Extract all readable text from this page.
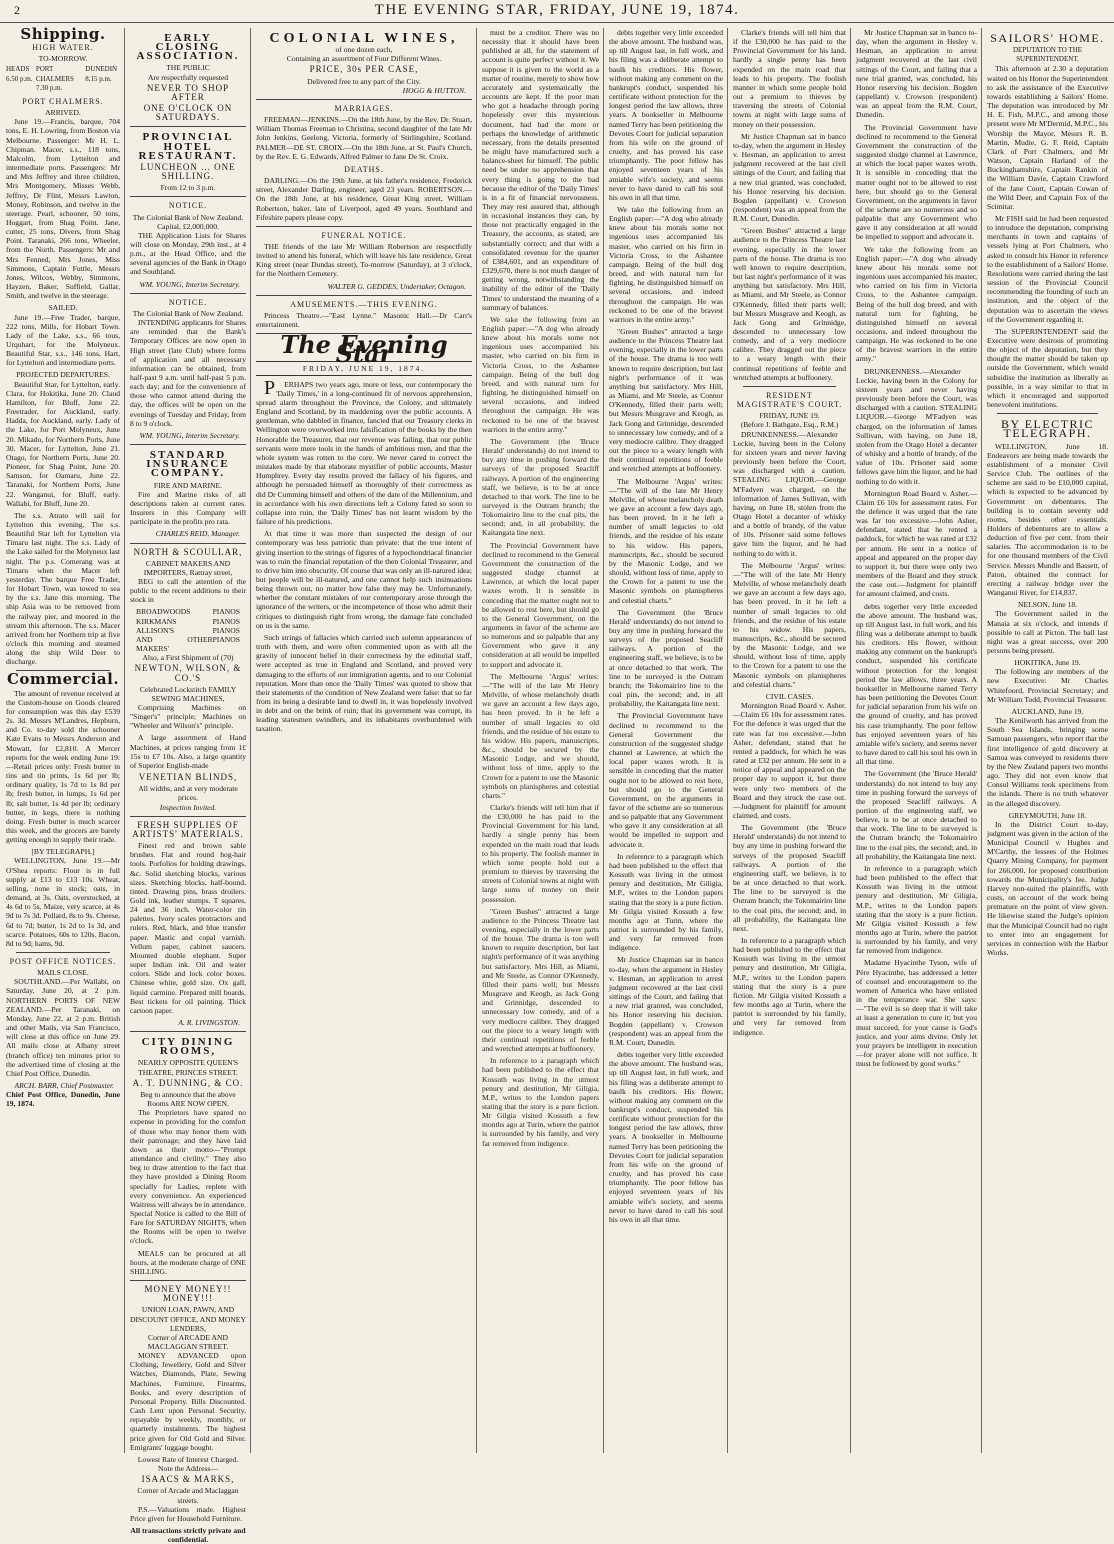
2	THE EVENING STAR, FRIDAY, JUNE 19, 1874.
Shipping.
HIGH WATER.
TO-MORROW.
HEADS 6.50 p.m.
PORT CHALMERS 7.30 p.m.
DUNEDIN 8.15 p.m.
PORT CHALMERS.
ARRIVED.

June 19.—Francis, barque, 704 tons, E. H. Lowring, from Boston via Melbourne. Passenger: Mr H. L. Chipman. Macer, s.s., 118 tons, Malcolm, from Lyttelton and intermediate ports. Passengers: Mr and Mrs Jeffrey and three children, Mrs Montgomery, Misses Webb, Jeffrey, Dr Flint, Messrs Lawton, Money, Robinson, and twelve in the steerage. Pearl, schooner, 50 tons, Hoggart, from Shag Point. Jane, cutter, 25 tons, Divers, from Shag Point. Taranaki, 266 tons, Wheeler, from the North. Passengers: Mr and Mrs Fenned, Mrs Jones, Miss Simmons, Captain Futtle, Messrs Jones, Wilcox, Webby, Simmons, Hayzen, Baker, Suffield, Gallar, Smith, and twelve in the steerage.

SAILED.

June 19.—Free Trader, barque, 222 tons, Mills, for Hobart Town. Lady of the Lake, s.s., 66 tous, Urquhart, for the Molyneux. Beautiful Star, s.s., 146 tons, Hart, for Lyttelton and intermediate ports.

PROJECTED DEPARTURES.

Beautiful Star, for Lyttelton, early. Clara, for Hokitika, June 20. Claud Hamilton, for Bluff, June 22. Freetrader, for Auckland, early. Hadda, for Auckland, early. Lady of the Lake, for Port Molyneux, June 20. Mikado, for Northern Ports, June 30. Macer, for Lyttelton, June 21. Otago, for Northern Ports, June 20. Pioneer, for Shag Point, June 20. Samson, for Oamaru, June 22. Taranaki, for Northern Ports, June 22. Wanganui, for Bluff, early. Wallabi, for Bluff, June 20.

The s.s. Atrato will sail for Lyttelton this evening. The s.s. Beautiful Star left for Lyttelton via Timaru last night. The s.s. Lady of the Lake sailed for the Molyneux last night. The p.s. Comerang was at Timaru when the Macer left yesterday. The barque Free Trader, for Hobart Town, was towed to sea by the s.s. Jane this morning. The ship Asia was to be removed from the railway pier, and moored in the stream this afternoon. The s.s. Macer arrived from her Northern trip at five o'clock this morning and steamed along the ship Wild Deer to discharge.

Commercial.

The amount of revenue received at the Custom-house on Goods cleared for consumption was this day £539 2s. 3d. Messrs M'Landres, Hepburn, and Co. to-day sold the schooner Kate Evans to Messrs Anderson and Mowatt, for £2,810. A Mercer reports for the week ending June 19:—Retail prices only: Fresh butter in tins and tin prints, 1s 6d per lb; ordinary quality, 1s 7d to 1s 8d per lb; fresh butter, in lumps, 1s 6d per lb; salt butter, 1s 4d per lb; ordinary butter, in kegs, there is nothing doing. Fresh butter is much scarcer this week, and the grocers are barely getting enough to supply their trade.

[BY TELEGRAPH.]

WELLINGTON, June 19.—Mr O'Shea reports: Flour is in full supply at £13 to £13 10s. Wheat, selling, none in stock; oats, in demand, at 3s. Oats, overstocked, at 4s 6d to 5s. Maize, very scarce, at 4s 9d to 7s 3d. Pollard, 8s to 9s. Cheese, 6d to 7d; butter, 1s 2d to 1s 3d, and scarce. Potatoes, 60s to 120s. Bacon, 8d to 9d; hams, 9d.

POST OFFICE NOTICES.
MAILS CLOSE.

SOUTHLAND.—Per Wallabi, on Saturday, June 20, at 2 p.m. NORTHERN PORTS OF NEW ZEALAND.—Per Taranaki, on Monday, June 22, at 2 p.m. British and other Mails, via San Francisco, will close at this office on June 29. All mails close at Albany street (branch office) ten minutes prior to the advertised time of closing at the Chief Post Office, Dunedin.

ARCH. BARR, Chief Postmaster.
Chief Post Office, Dunedin, June 19, 1874.
EARLY CLOSING ASSOCIATION.
THE PUBLIC
Are respectfully requested
NEVER TO SHOP AFTER
ONE O'CLOCK ON SATURDAYS.
PROVINCIAL HOTEL RESTAURANT.
LUNCHEON ... ONE SHILLING.
From 12 to 3 p.m.
NOTICE.
The Colonial Bank of New Zealand. Capital, £2,000,000.

THE Application Lists for Shares will close on Monday, 29th inst., at 4 p.m., at the Head Office, and the several agencies of the Bank in Otago and Southland.

WM. YOUNG, Interim Secretary.
NOTICE.
The Colonial Bank of New Zealand.

INTENDING applicants for Shares are reminded that the Bank's Temporary Offices are now open in High street (late Club) where forms of application and all necessary information can be obtained, from half-past 9 a.m. until half-past 5 p.m. each day; and for the convenience of those who cannot attend during the day, the offices will be open on the evenings of Tuesday and Friday, from 8 to 9 o'clock.

WM. YOUNG, Interim Secretary.
STANDARD INSURANCE COMPANY.
FIRE AND MARINE.

Fire and Marine risks of all descriptions taken at current rates. Insurers in this Company will participate in the profits pro rata.

CHARLES REID, Manager.
NORTH & SCOULLAR,
CABINET MAKERS AND IMPORTERS, Rattray street,

BEG to call the attention of the public to the recent additions to their stock in

BROADWOODS	PIANOS
KIRKMANS	PIANOS
ALLISON'S	PIANOS
AND OTHER MAKERS'
PIANOS
Also, a First Shipment of (70)
NEWTON, WILSON, & CO.'S
Celebrated Lockstitch FAMILY SEWING MACHINES,

Comprising Machines on "Singer's" principle; Machines on "Wheeler and Wilson's" principle.

A large assortment of Hand Machines, at prices ranging from 1£ 15s to £7 10s. Also, a large quantity of Superior English-made

VENETIAN BLINDS,
All widths, and at very moderate prices.
Inspection Invited.
FRESH SUPPLIES OF ARTISTS' MATERIALS.

Finest red and brown sable brushes. Flat and round hog-hair tools. Porfolios for holding drawings, &c. Solid sketching blocks, various sizes. Sketching blocks, half-bound, tinted. Drawing pins, brass droilers. Gold ink, leather stumps. T squares, 24 and 36 inch. Water-color tin palettes. Ivory scales protractors and rulers. Red, black, and blue transfer paper. Mastic and copal varnish. Vellum paper, cabinet saucers. Mounted double elephant. Super super Indian ink. Oil and water colors. Slide and lock color boxes. Chinese white, gold size. Ox gall, liquid carmine. Prepared mill boards. Best tickets for oil painting. Thick cartoon paper.

A. R. LIVINGSTON.
CITY DINING ROOMS,
NEARLY OPPOSITE QUEEN'S THEATRE, PRINCES STREET.
A. T. DUNNING, & CO.
Beg to announce that the above Rooms ARE NOW OPEN.

The Proprietors have spared no expense in providing for the comfort of those who may honor them with their patronage; and they have laid down as their motto—"Prompt attendance and civility." They also beg to draw attention to the fact that they have provided a Dining Room specially for Ladies, replete with every convenience. An experienced Waitress will always be in attendance. Special Notice is called to the Bill of Fare for SATURDAY NIGHTS, when the Rooms will be open to twelve o'clock.

MEALS can be procured at all hours, at the moderate charge of ONE SHILLING.

MONEY MONEY!! MONEY!!!
UNION LOAN, PAWN, AND DISCOUNT OFFICE, AND MONEY LENDERS,
Corner of ARCADE AND MACLAGGAN STREET.

MONEY ADVANCED upon Clothing, Jewellery, Gold and Silver Watches, Diamonds, Plate, Sewing Machines, Furniture, Firearms, Books, and every description of Personal Property. Bills Discounted. Cash Lent upon Personal Security, repayable by weekly, monthly, or quarterly instalments. The highest price given for Old Gold and Silver. Emigrants' luggage bought.

Lowest Rate of Interest Charged.
Note the Address—
ISAACS & MARKS,
Corner of Arcade and Maclaggan streets.

P.S.—Valuations made. Highest Price given for Household Furniture.

All transactions strictly private and confidential.
COLONIAL WINES,
of one dozen each,
Containing an assortment of Four Different Wines.
PRICE, 30s PER CASE,
Delivered free to any part of the City.
HOGG & HUTTON.
MARRIAGES.

FREEMAN—JENKINS.—On the 18th June, by the Rev. Dr. Stuart, William Thomas Freeman to Christina, second daughter of the late Mr John Jenkins, Geelong, Victoria, formerly of Stirlingshire, Scotland. PALMER—DE ST. CROIX.—On the 18th June, at St. Paul's Church, by the Rev. E. G. Edwards, Alfred Palmer to Jane De St. Croix.

DEATHS.

DARLING.—On the 19th June, at his father's residence, Frederick street, Alexander Darling, engineer, aged 23 years. ROBERTSON.—On the 18th June, at his residence, Great King street, William Robertson, baker, late of Liverpool, aged 49 years. Southland and Fifeshire papers please copy.

FUNERAL NOTICE.

THE friends of the late Mr William Robertson are respectfully invited to attend his funeral, which will leave his late residence, Great King street (near Dundas street), To-morrow (Saturday), at 3 o'clock, for the Northern Cemetery.

WALTER G. GEDDES, Undertaker, Octagon.
AMUSEMENTS.—THIS EVENING.

Princess Theatre.—"East Lynne." Masonic Hall.—Dr Carr's entertainment.

The Evening Star
FRIDAY, JUNE 19, 1874.

PERHAPS two years ago, more or less, our contemporary the 'Daily Times,' in a long-continued fit of nervous apprehension, spread alarm throughout the Province, the Colony, and ultimately England and Scotland, by its maddening over the public accounts. A gentleman, who dabbled in finance, fancied that our Treasury clerks in Wellington were overworked into falsification of the books by the then Honorable the Treasurer, that our revenue was failing, that our public servants were mere tools in the hands of ambitious men, and that the whole system was rotten to the core. We never cared to correct the mistakes made by that elaborate mystifier of public accounts, Master Humphrey. Every day results proved the fallacy of his figures, and although he persuaded himself as thoroughly of their correctness as did Dr Cumming himself and others of the date of the Millennium, and in accordance with his own directions left a Colony fated so soon to collapse into ruin, the 'Daily Times' has not learnt wisdom by the failure of his predictions.

At that time it was more than suspected the design of our contemporary was less patriotic than private: that the true intent of giving insertion to the strings of figures of a hypochondriacal financier was to ruin the financial reputation of the then Colonial Treasurer, and to drive him into obscurity. Of course that was only an ill-natured idea; but people will be ill-natured, and one cannot help such insinuations being thrown out, no matter how false they may be. Unfortunately, whether the constant mistakes of our contemporary arose through the ignorance of the writers, or the incompetence of those who admit their critiques to distinguish right from wrong, the damage fate concluded on us is the same.

Such strings of fallacies which carried such solemn appearances of truth with them, and were often commented upon as with all the gravity of innocent belief in their correctness by the editorial staff, were accepted as true in England and Scotland, and proved very damaging to the efforts of our immigration agents, and to our Colonial reputation. More than once the 'Daily Times' was quoted to show that their statements of the condition of New Zealand were false: that so far from its being a desirable land to dwell in, it was hopelessly involved in debt and on the brink of ruin; that its government was corrupt, its leading statesmen swindlers, and its inhabitants overburdened with taxation.

must be a creditor. There was no necessity that it should have been published at all, for the statement of account is quite perfect without it. We suppose it is given to the world as a matter of routine, merely to show how accurately and systematically the accounts are kept. If the poor man who got a headache through poring hopelessly over this mysterious document, had had the more or perhaps the knowledge of arithmetic necessary, from the details presented he might have manufactured such a balance-sheet for himself. The public need be under no apprehension that every thing is going to the bad because the editor of the 'Daily Times' is in a fit of financial nervousness. They may rest assured that, although in occasional instances they can, by those not practically engaged in the Treasury, the accounts, as stated, are substantially correct; and that with a consolidated revenue for the quarter of £384,601, and an expenditure of £329,670, there is not much danger of getting wrong, notwithstanding the inability of the editor of the 'Daily Times' to understand the meaning of a summary of balances.

We take the following from an English paper:—"A dog who already knew about his morals some not ingenious uses accompanied his master, who carried on his firm in Victoria Cross, to the Ashantee campaign. Being of the bull dog breed, and with natural turn for fighting, he distinguished himself on several occasions, and indeed throughout the campaign. He was reckoned to be one of the bravest warriors in the entire army."

The Government (the 'Bruce Herald' understands) do not intend to buy any time in pushing forward the surveys of the proposed Seacliff railways. A portion of the engineering staff, we believe, is to be at once detached to that work. The line to be surveyed is the Outram branch; the Tokomairiro line to the coal pits, the second; and, in all probability, the Kaitangata line next.

The Provincial Government have declined to recommend to the General Government the construction of the suggested sludge channel at Lawrence, at which the local paper waxes wroth. It is sensible in conceding that the matter ought not to be allowed to rest here, but should go to the General Government, on the arguments in favor of the scheme are so numerous and so palpable that any Government who gave it any consideration at all would be impelled to support and advocate it.

The Melbourne 'Argus' writes:—"The will of the late Mr Henry Melville, of whose melancholy death we gave an account a few days ago, has been proved. In it he left a number of small legacies to old friends, and the residue of his estate to his widow. His papers, manuscripts, &c., should be secured by the Masonic Lodge, and we should, without loss of time, apply to the Crown for a patent to use the Masonic symbols on planispheres and celestial charts."

Clarke's friends will tell him that if the £30,000 he has paid to the Provincial Government for his land, hardly a single penny has been expended on the main road that leads to his property. The foolish manner in which some people hold out a premium to thieves by traversing the streets of Colonial towns at night with large sums of money on their possession.

"Green Bushes" attracted a large audience to the Princess Theatre last evening, especially in the lower parts of the house. The drama is too well known to require description, but last night's performance of it was anything but satisfactory. Mrs Hill, as Miami, and Mr Steele, as Connor O'Kennedy, filled their parts well; but Messrs Musgrave and Keogh, as Jack Gong and Grinnidge, descended to unnecessary low comedy, and of a very mediocre calibre. They dragged out the piece to a weary length with their continual repetitions of feeble and wretched attempts at buffoonery.

In reference to a paragraph which had been published to the effect that Kossuth was living in the utmost penury and destitution, Mr Giligia, M.P., writes to the London papers stating that the story is a pure fiction. Mr Gilgia visited Kossuth a few months ago at Turin, where the patriot is surrounded by his family, and very far removed from indigence.

debts together very little exceeded the above amount. The husband was, up till August last, in full work, and his filing was a deliberate attempt to baulk his creditors. His flower, without making any comment on the bankrupt's conduct, suspended his certificate without protection for the longest period the law allows, three years. A bookseller in Melbourne named Terry has been petitioning the Devotes Court for judicial separation from his wife on the ground of cruelty, and has proved his case triumphantly. The poor fellow has enjoyed seventeen years of his amiable wife's society, and seems never to have dared to call his soul his own in all that time.

We take the following from an English paper:—"A dog who already knew about his morals some not ingenious uses accompanied his master, who carried on his firm in Victoria Cross, to the Ashantee campaign. Being of the bull dog breed, and with natural turn for fighting, he distinguished himself on several occasions, and indeed throughout the campaign. He was reckoned to be one of the bravest warriors in the entire army."

"Green Bushes" attracted a large audience to the Princess Theatre last evening, especially in the lower parts of the house. The drama is too well known to require description, but last night's performance of it was anything but satisfactory. Mrs Hill, as Miami, and Mr Steele, as Connor O'Kennedy, filled their parts well; but Messrs Musgrave and Keogh, as Jack Gong and Grinnidge, descended to unnecessary low comedy, and of a very mediocre calibre. They dragged out the piece to a weary length with their continual repetitions of feeble and wretched attempts at buffoonery.

The Melbourne 'Argus' writes:—"The will of the late Mr Henry Melville, of whose melancholy death we gave an account a few days ago, has been proved. In it he left a number of small legacies to old friends, and the residue of his estate to his widow. His papers, manuscripts, &c., should be secured by the Masonic Lodge, and we should, without loss of time, apply to the Crown for a patent to use the Masonic symbols on planispheres and celestial charts."

The Government (the 'Bruce Herald' understands) do not intend to buy any time in pushing forward the surveys of the proposed Seacliff railways. A portion of the engineering staff, we believe, is to be at once detached to that work. The line to be surveyed is the Outram branch; the Tokomairiro line to the coal pits, the second; and, in all probability, the Kaitangata line next.

The Provincial Government have declined to recommend to the General Government the construction of the suggested sludge channel at Lawrence, at which the local paper waxes wroth. It is sensible in conceding that the matter ought not to be allowed to rest here, but should go to the General Government, on the arguments in favor of the scheme are so numerous and so palpable that any Government who gave it any consideration at all would be impelled to support and advocate it.

In reference to a paragraph which had been published to the effect that Kossuth was living in the utmost penury and destitution, Mr Giligia, M.P., writes to the London papers stating that the story is a pure fiction. Mr Gilgia visited Kossuth a few months ago at Turin, where the patriot is surrounded by his family, and very far removed from indigence.

Mr Justice Chapman sat in banco to-day, when the argument in Hesley v. Hesman, an application to arrest judgment recovered at the last civil sittings of the Court, and failing that a new trial granted, was concluded, his Honor reserving his decision. Bogden (appellant) v. Crowson (respondent) was an appeal from the R.M. Court, Dunedin.

debts together very little exceeded the above amount. The husband was, up till August last, in full work, and his filing was a deliberate attempt to baulk his creditors. His flower, without making any comment on the bankrupt's conduct, suspended his certificate without protection for the longest period the law allows, three years. A bookseller in Melbourne named Terry has been petitioning the Devotes Court for judicial separation from his wife on the ground of cruelty, and has proved his case triumphantly. The poor fellow has enjoyed seventeen years of his amiable wife's society, and seems never to have dared to call his soul his own in all that time.

Clarke's friends will tell him that if the £30,000 he has paid to the Provincial Government for his land, hardly a single penny has been expended on the main road that leads to his property. The foolish manner in which some people hold out a premium to thieves by traversing the streets of Colonial towns at night with large sums of money on their possession.

Mr Justice Chapman sat in banco to-day, when the argument in Hesley v. Hesman, an application to arrest judgment recovered at the last civil sittings of the Court, and failing that a new trial granted, was concluded, his Honor reserving his decision. Bogden (appellant) v. Crowson (respondent) was an appeal from the R.M. Court, Dunedin.

"Green Bushes" attracted a large audience to the Princess Theatre last evening, especially in the lower parts of the house. The drama is too well known to require description, but last night's performance of it was anything but satisfactory. Mrs Hill, as Miami, and Mr Steele, as Connor O'Kennedy, filled their parts well; but Messrs Musgrave and Keogh, as Jack Gong and Grinnidge, descended to unnecessary low comedy, and of a very mediocre calibre. They dragged out the piece to a weary length with their continual repetitions of feeble and wretched attempts at buffoonery.

RESIDENT MAGISTRATE'S COURT.
FRIDAY, JUNE 19.
(Before J. Bathgate, Esq., R.M.)

DRUNKENNESS.—Alexander Leckie, having been in the Colony for sixteen years and never having previously been before the Court, was discharged with a caution. STEALING LIQUOR.—George M'Fadyen was charged, on the information of James Sullivan, with having, on June 18, stolen from the Otago Hotel a decanter of whisky and a bottle of brandy, of the value of 10s. Prisoner said some fellows gave him the liquor, and he had nothing to do with it.

The Melbourne 'Argus' writes:—"The will of the late Mr Henry Melville, of whose melancholy death we gave an account a few days ago, has been proved. In it he left a number of small legacies to old friends, and the residue of his estate to his widow. His papers, manuscripts, &c., should be secured by the Masonic Lodge, and we should, without loss of time, apply to the Crown for a patent to use the Masonic symbols on planispheres and celestial charts."

CIVIL CASES.

Mornington Road Board v. Asher.—Claim £6 10s for assessment rates. For the defence it was urged that the rate was far too excessive.—John Asher, defendant, stated that he rented a paddock, for which he was rated at £32 per annum. He sent in a notice of appeal and appeared on the proper day to support it, but there were only two members of the Board and they struck the case out.—Judgment for plaintiff for amount claimed, and costs.

The Government (the 'Bruce Herald' understands) do not intend to buy any time in pushing forward the surveys of the proposed Seacliff railways. A portion of the engineering staff, we believe, is to be at once detached to that work. The line to be surveyed is the Outram branch; the Tokomairiro line to the coal pits, the second; and, in all probability, the Kaitangata line next.

In reference to a paragraph which had been published to the effect that Kossuth was living in the utmost penury and destitution, Mr Giligia, M.P., writes to the London papers stating that the story is a pure fiction. Mr Gilgia visited Kossuth a few months ago at Turin, where the patriot is surrounded by his family, and very far removed from indigence.

Mr Justice Chapman sat in banco to-day, when the argument in Hesley v. Hesman, an application to arrest judgment recovered at the last civil sittings of the Court, and failing that a new trial granted, was concluded, his Honor reserving his decision. Bogden (appellant) v. Crowson (respondent) was an appeal from the R.M. Court, Dunedin.

The Provincial Government have declined to recommend to the General Government the construction of the suggested sludge channel at Lawrence, at which the local paper waxes wroth. It is sensible in conceding that the matter ought not to be allowed to rest here, but should go to the General Government, on the arguments in favor of the scheme are so numerous and so palpable that any Government who gave it any consideration at all would be impelled to support and advocate it.

We take the following from an English paper:—"A dog who already knew about his morals some not ingenious uses accompanied his master, who carried on his firm in Victoria Cross, to the Ashantee campaign. Being of the bull dog breed, and with natural turn for fighting, he distinguished himself on several occasions, and indeed throughout the campaign. He was reckoned to be one of the bravest warriors in the entire army."

DRUNKENNESS.—Alexander Leckie, having been in the Colony for sixteen years and never having previously been before the Court, was discharged with a caution. STEALING LIQUOR.—George M'Fadyen was charged, on the information of James Sullivan, with having, on June 18, stolen from the Otago Hotel a decanter of whisky and a bottle of brandy, of the value of 10s. Prisoner said some fellows gave him the liquor, and he had nothing to do with it.

Mornington Road Board v. Asher.—Claim £6 10s for assessment rates. For the defence it was urged that the rate was far too excessive.—John Asher, defendant, stated that he rented a paddock, for which he was rated at £32 per annum. He sent in a notice of appeal and appeared on the proper day to support it, but there were only two members of the Board and they struck the case out.—Judgment for plaintiff for amount claimed, and costs.

debts together very little exceeded the above amount. The husband was, up till August last, in full work, and his filing was a deliberate attempt to baulk his creditors. His flower, without making any comment on the bankrupt's conduct, suspended his certificate without protection for the longest period the law allows, three years. A bookseller in Melbourne named Terry has been petitioning the Devotes Court for judicial separation from his wife on the ground of cruelty, and has proved his case triumphantly. The poor fellow has enjoyed seventeen years of his amiable wife's society, and seems never to have dared to call his soul his own in all that time.

The Government (the 'Bruce Herald' understands) do not intend to buy any time in pushing forward the surveys of the proposed Seacliff railways. A portion of the engineering staff, we believe, is to be at once detached to that work. The line to be surveyed is the Outram branch; the Tokomairiro line to the coal pits, the second; and, in all probability, the Kaitangata line next.

In reference to a paragraph which had been published to the effect that Kossuth was living in the utmost penury and destitution, Mr Giligia, M.P., writes to the London papers stating that the story is a pure fiction. Mr Gilgia visited Kossuth a few months ago at Turin, where the patriot is surrounded by his family, and very far removed from indigence.

Madame Hyacinthe Tyson, wife of Père Hyacinthe, has addressed a letter of counsel and encouragement to the women of America who have enlisted in the temperance war. She says:—"The evil is so deep that it will take at least a generation to cure it; but you must succeed, for your cause is God's justice, and your aims divine. Only let your prayers be intelligent in execution—for prayer alone will not suffice. It must be followed by good works."

SAILORS' HOME.
DEPUTATION TO THE SUPERINTENDENT.

This afternoon at 2.30 a deputation waited on his Honor the Superintendent to ask the assistance of the Executive towards establishing a Sailors' Home. The deputation was introduced by Mr H. E. Fish, M.P.C., and among those present were Mr M'Dermid, M.P.C., his Worship the Mayor, Messrs R. B. Martin, Mudie, G. F. Reid, Captain Clark of Port Chalmers, and Mr Watson, Captain Harland of the Buckinghamshire, Captain Rankin of the William Davie, Captain Crawford of the Jane Court, Captain Cowan of the Wild Deer, and Captain Fox of the Scimitar.

Mr FISH said he had been requested to introduce the deputation, comprising merchants in town and captains of vessels lying at Port Chalmers, who asked to consult his Honor in reference to the establishment of a Sailors' Home. Resolutions were carried during the last session of the Provincial Council recommending the founding of such an institution, and the object of the deputation was to ascertain the views of the Government regarding it.

The SUPERINTENDENT said the Executive were desirous of promoting the object of the deputation, but they thought the matter should be taken up outside the Government, which would subsidise the institution as liberally as possible, in a way similar to that in which it encouraged and supported benevolent institutions.

BY ELECTRIC TELEGRAPH.

WELLINGTON, June 18. Endeavors are being made towards the establishment of a monster Civil Service Club. The outlines of the scheme are said to be £10,000 capital, which is expected to be advanced by Government on debentures. The building is to contain seventy odd rooms, besides other essentials. Holders of debentures are to allow a deduction of five per cent. from their salaries. The accommodation is to be for one thousand members of the Civil Service. Messrs Mundle and Bassett, of Paton, obtained the contract for erecting a railway bridge over the Wanganui River, for £14,837.

NELSON, June 18.

The Government sailed in the Manaia at six o'clock, and intends if possible to call at Picton. The ball last night was a great success, over 200 persons being present.

HOKITIKA, June 19.

The following are members of the new Executive: Mr Charles Whitefoord, Provincial Secretary; and Mr William Todd, Provincial Treasurer.

AUCKLAND, June 19.

The Kenilworth has arrived from the South Sea Islands, bringing some Samoan passengers, who report that the first intelligence of gold discovery at Samoa was conveyed to residents there by the New Zealand papers two months ago. They did not even know that Consul Williams took specimens from the islands. There is no truth whatever in the alleged discovery.

GREYMOUTH, June 18.

In the District Court to-day, judgment was given in the action of the Municipal Council v. Hughes and M'Carthy, the lessees of the Holmes Quarry Mining Company, for payment for 266,000, for proposed contribution towards the Municipality's fee. Judge Harvey non-suited the plaintiffs, with costs, on account of the work being premature on the point of view given. He likewise stated the Judge's opinion that the Municipal Council had no right to enter into an engagement for services in connection with the Harbor Works.
